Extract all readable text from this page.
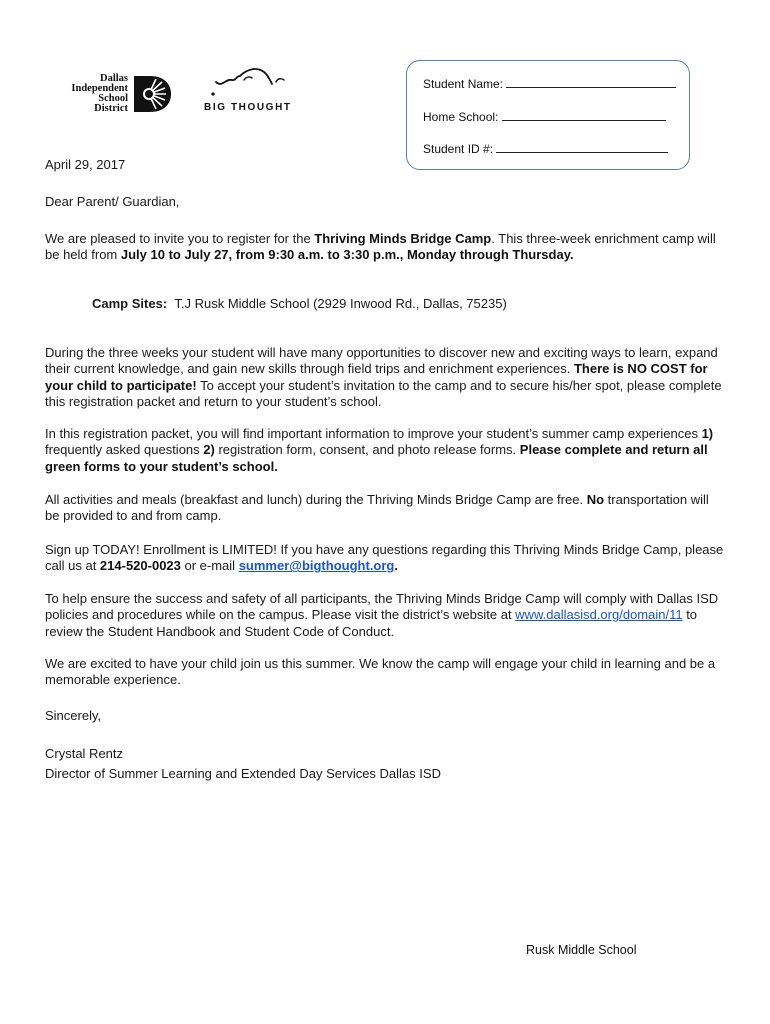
Dallas
Independent
School
District	BIG THOUGHT
Student Name:
Home School:
Student ID #:
April 29, 2017
Dear Parent/ Guardian,
We are pleased to invite you to register for the Thriving Minds Bridge Camp. This three-week enrichment camp will be held from July 10 to July 27, from 9:30 a.m. to 3:30 p.m., Monday through Thursday.
Camp Sites: T.J Rusk Middle School (2929 Inwood Rd., Dallas, 75235)
During the three weeks your student will have many opportunities to discover new and exciting ways to learn, expand their current knowledge, and gain new skills through field trips and enrichment experiences. There is NO COST for your child to participate! To accept your student’s invitation to the camp and to secure his/her spot, please complete this registration packet and return to your student’s school.
In this registration packet, you will find important information to improve your student’s summer camp experiences 1) frequently asked questions 2) registration form, consent, and photo release forms. Please complete and return all green forms to your student’s school.
All activities and meals (breakfast and lunch) during the Thriving Minds Bridge Camp are free. No transportation will be provided to and from camp.
Sign up TODAY! Enrollment is LIMITED! If you have any questions regarding this Thriving Minds Bridge Camp, please call us at 214-520-0023 or e-mail summer@bigthought.org.
To help ensure the success and safety of all participants, the Thriving Minds Bridge Camp will comply with Dallas ISD policies and procedures while on the campus. Please visit the district’s website at www.dallasisd.org/domain/11 to review the Student Handbook and Student Code of Conduct.
We are excited to have your child join us this summer. We know the camp will engage your child in learning and be a memorable experience.
Sincerely,
Crystal Rentz
Director of Summer Learning and Extended Day Services Dallas ISD
Rusk Middle School
